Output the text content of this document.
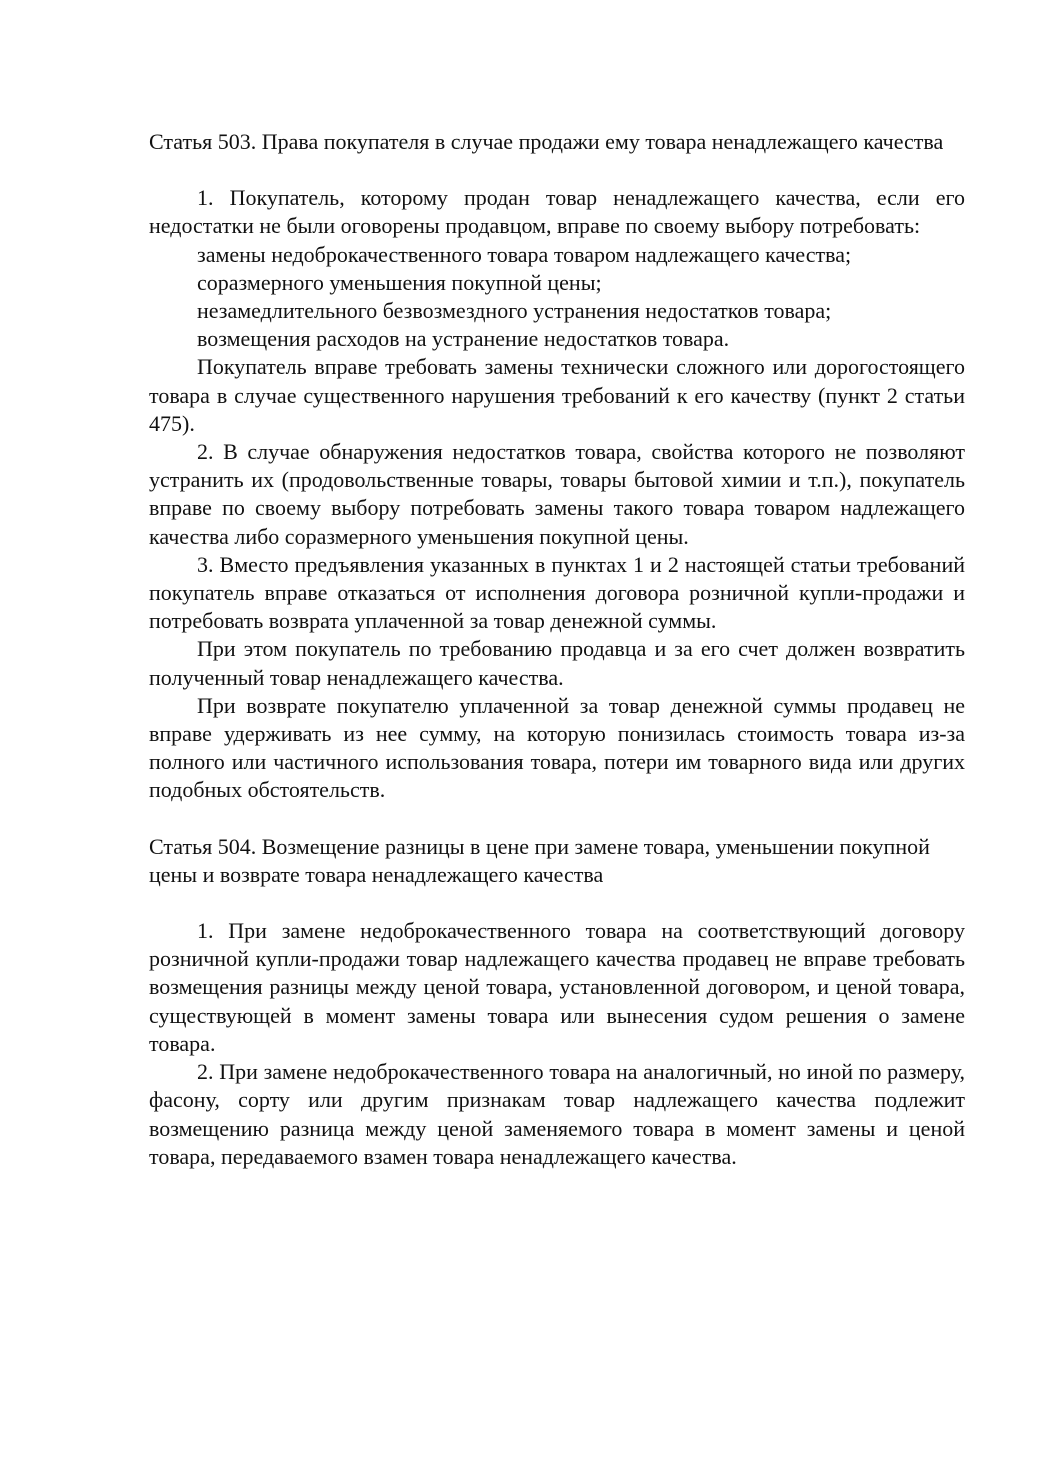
Статья 503. Права покупателя в случае продажи ему товара ненадлежащего качества

1. Покупатель, которому продан товар ненадлежащего качества, если его недостатки не были оговорены продавцом, вправе по своему выбору потребовать:

замены недоброкачественного товара товаром надлежащего качества;

соразмерного уменьшения покупной цены;

незамедлительного безвозмездного устранения недостатков товара;

возмещения расходов на устранение недостатков товара.

Покупатель вправе требовать замены технически сложного или дорогостоящего товара в случае существенного нарушения требований к его качеству (пункт 2 статьи 475).

2. В случае обнаружения недостатков товара, свойства которого не позволяют устранить их (продовольственные товары, товары бытовой химии и т.п.), покупатель вправе по своему выбору потребовать замены такого товара товаром надлежащего качества либо соразмерного уменьшения покупной цены.

3. Вместо предъявления указанных в пунктах 1 и 2 настоящей статьи требований покупатель вправе отказаться от исполнения договора розничной купли-продажи и потребовать возврата уплаченной за товар денежной суммы.

При этом покупатель по требованию продавца и за его счет должен возвратить полученный товар ненадлежащего качества.

При возврате покупателю уплаченной за товар денежной суммы продавец не вправе удерживать из нее сумму, на которую понизилась стоимость товара из-за полного или частичного использования товара, потери им товарного вида или других подобных обстоятельств.

Статья 504. Возмещение разницы в цене при замене товара, уменьшении покупной цены и возврате товара ненадлежащего качества

1. При замене недоброкачественного товара на соответствующий договору розничной купли-продажи товар надлежащего качества продавец не вправе требовать возмещения разницы между ценой товара, установленной договором, и ценой товара, существующей в момент замены товара или вынесения судом решения о замене товара.

2. При замене недоброкачественного товара на аналогичный, но иной по размеру, фасону, сорту или другим признакам товар надлежащего качества подлежит возмещению разница между ценой заменяемого товара в момент замены и ценой товара, передаваемого взамен товара ненадлежащего качества.
